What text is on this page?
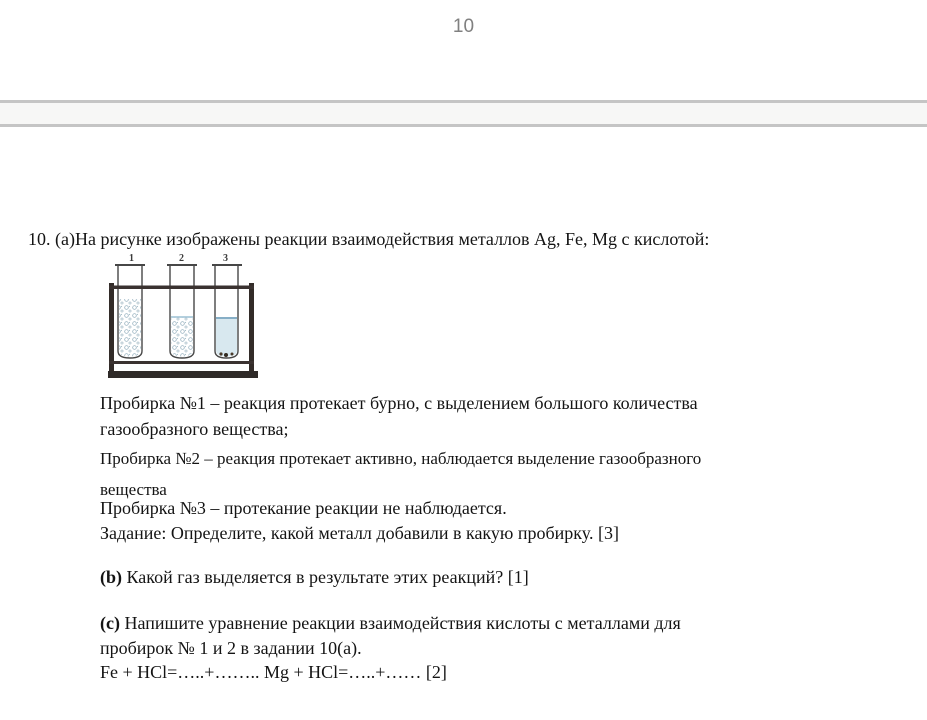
10
10. (а)На рисунке изображены реакции взаимодействия металлов Ag, Fe, Mg с кислотой:
1	2	3
Пробирка №1 – реакция протекает бурно, с выделением большого количества
газообразного вещества;
Пробирка №2 – реакция протекает активно, наблюдается выделение газообразного
вещества
Пробирка №3 – протекание реакции не наблюдается.
Задание: Определите, какой металл добавили в какую пробирку. [3]
(b) Какой газ выделяется в результате этих реакций? [1]
(c) Напишите уравнение реакции взаимодействия кислоты с металлами для
пробирок № 1 и 2 в задании 10(а).
Fe + HCl=…..+…….. Mg + HCl=…..+…… [2]
